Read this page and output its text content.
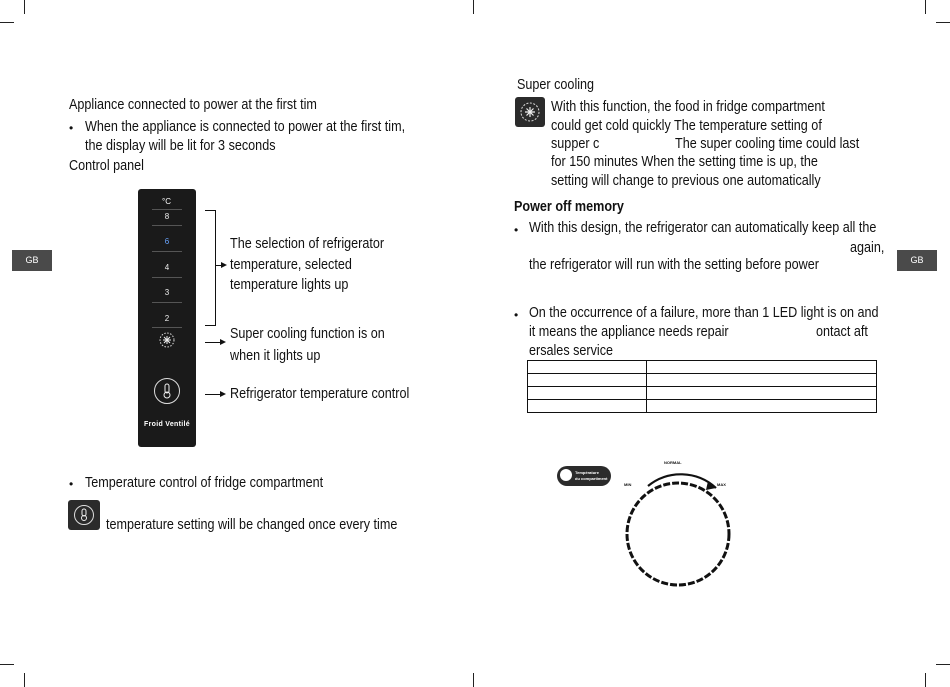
GB	GB
Appliance connected to power at the first tim
• When the appliance is connected to power at the first tim,
the display will be lit for 3 seconds
Control panel
°C
8
6
4
3
2
Froid Ventilé
The selection of refrigerator
temperature, selected
temperature lights up
Super cooling function is on
when it lights up
Refrigerator temperature control
• Temperature control of fridge compartment
temperature setting will be changed once every time
Super cooling
With this function, the food in fridge compartment
could get cold quickly The temperature setting of
supper c	The super cooling time could last
for 150 minutes When the setting time is up, the
setting will change to previous one automatically
Power off memory
• With this design, the refrigerator can automatically keep all the
again,
the refrigerator will run with the setting before power
• On the occurrence of a failure, more than 1 LED light is on and
it means the appliance needs repair	ontact aft
ersales service

Température
du compartiment
NORMAL
MIN	MAX
